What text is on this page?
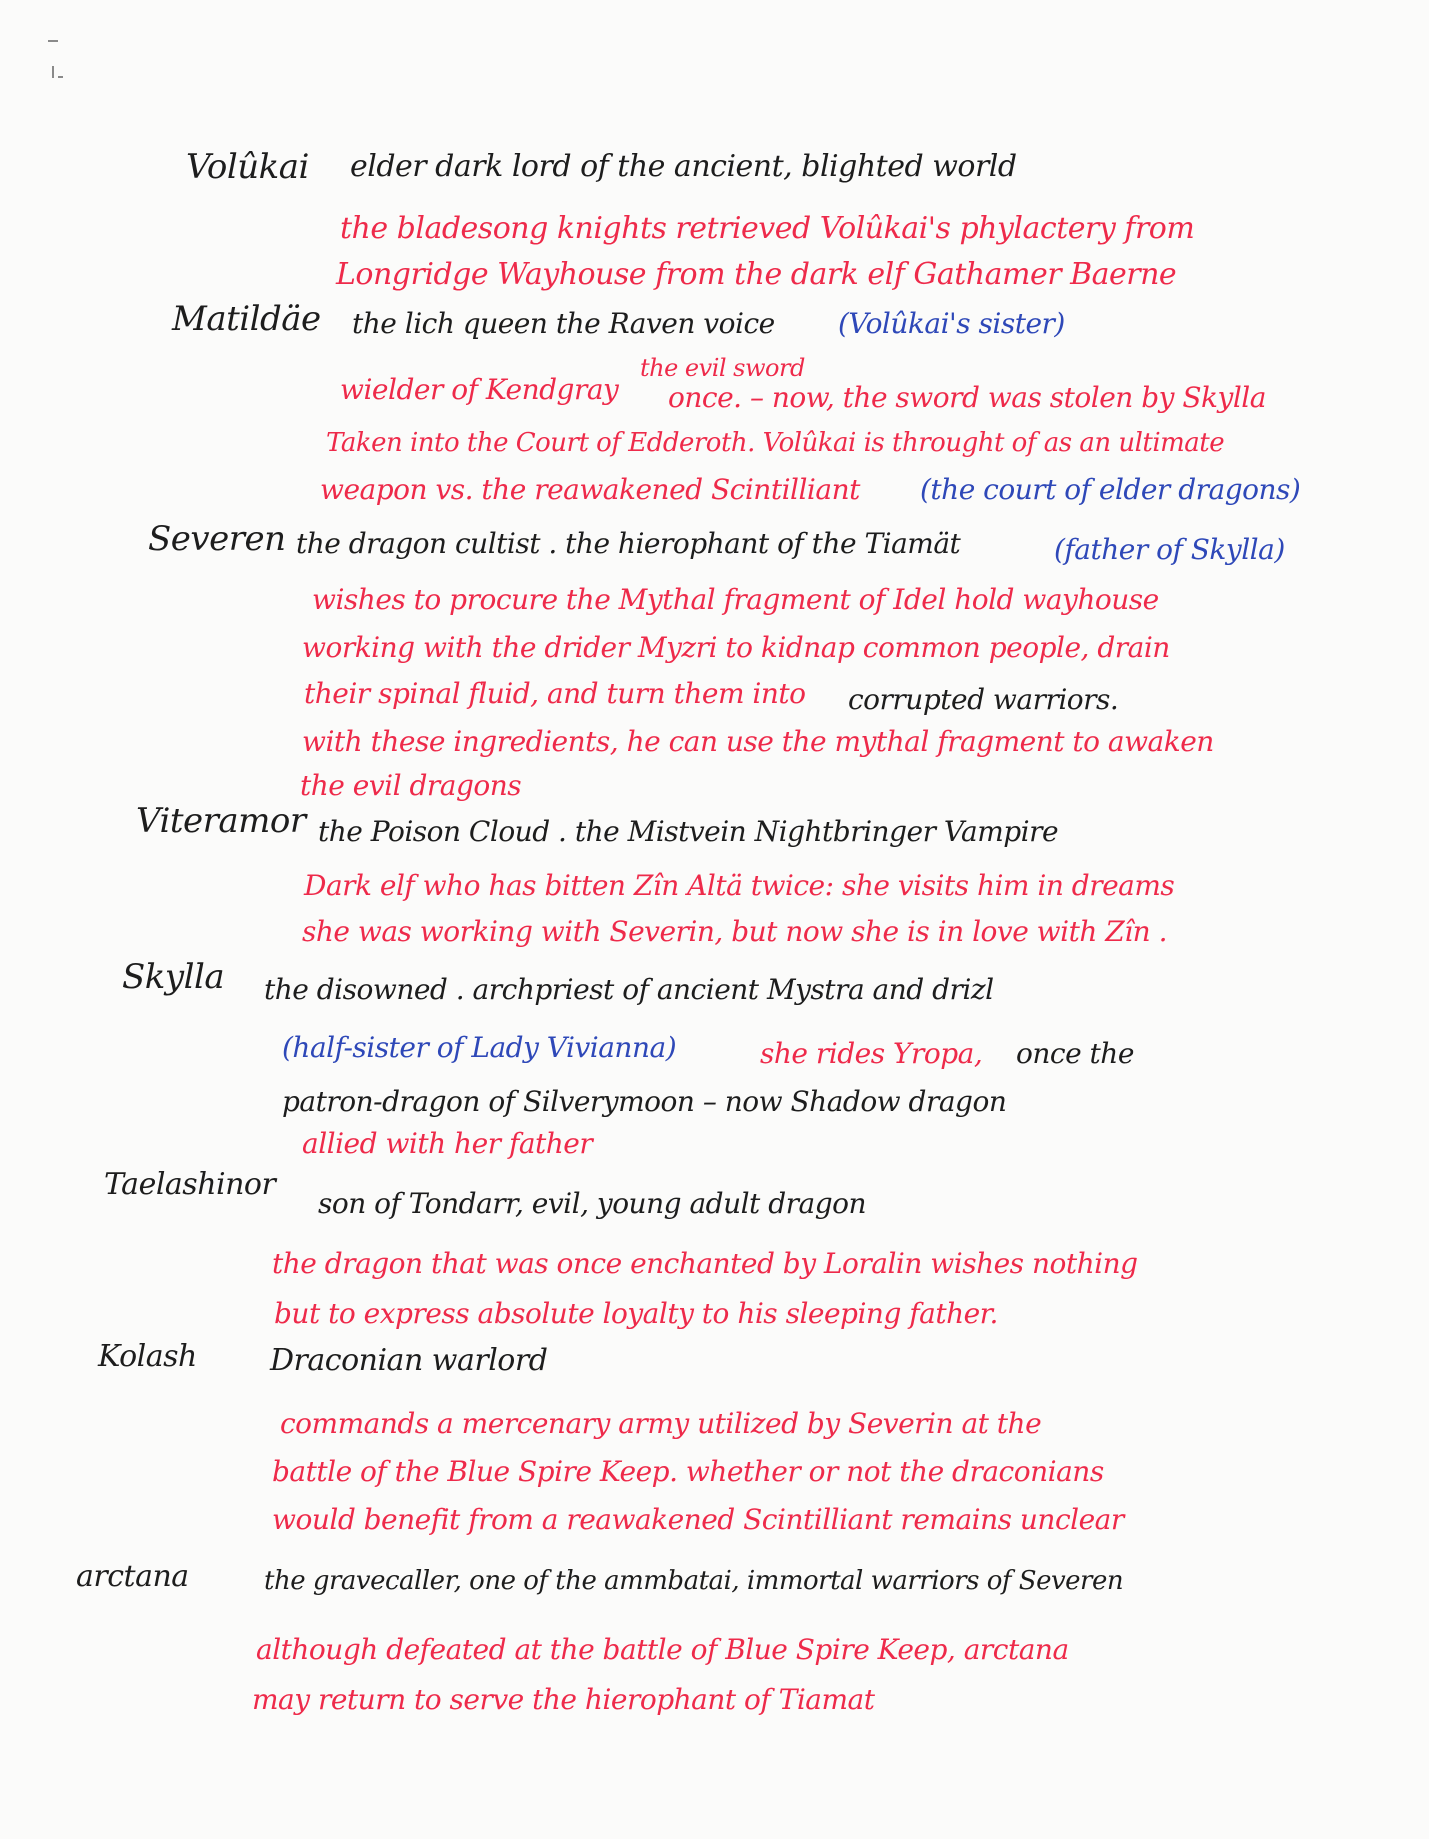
Volûkai elder dark lord of the ancient, blighted world
the bladesong knights retrieved Volûkai's phylactery from
Longridge Wayhouse from the dark elf Gathamer Baerne
Matildäe the lich queen the Raven voice (Volûkai's sister)
wielder of Kendgray
the evil sword
once. – now, the sword was stolen by Skylla
Taken into the Court of Edderoth. Volûkai is throught of as an ultimate
weapon vs. the reawakened Scintilliant (the court of elder dragons)
Severen the dragon cultist . the hierophant of the Tiamät	(father of Skylla)
wishes to procure the Mythal fragment of Idel hold wayhouse
working with the drider Myzri to kidnap common people, drain
their spinal fluid, and turn them into corrupted warriors.
with these ingredients, he can use the mythal fragment to awaken
the evil dragons
Viteramor the Poison Cloud . the Mistvein Nightbringer Vampire
Dark elf who has bitten Zîn Altä twice: she visits him in dreams
she was working with Severin, but now she is in love with Zîn .
Skylla the disowned . archpriest of ancient Mystra and drizl
(half-sister of Lady Vivianna)	she rides Yropa, once the
patron-dragon of Silverymoon – now Shadow dragon
allied with her father
Taelashinor
son of Tondarr, evil, young adult dragon
the dragon that was once enchanted by Loralin wishes nothing
but to express absolute loyalty to his sleeping father.
Kolash Draconian warlord
commands a mercenary army utilized by Severin at the
battle of the Blue Spire Keep. whether or not the draconians
would benefit from a reawakened Scintilliant remains unclear
arctana	the gravecaller, one of the ammbatai, immortal warriors of Severen
although defeated at the battle of Blue Spire Keep, arctana
may return to serve the hierophant of Tiamat
